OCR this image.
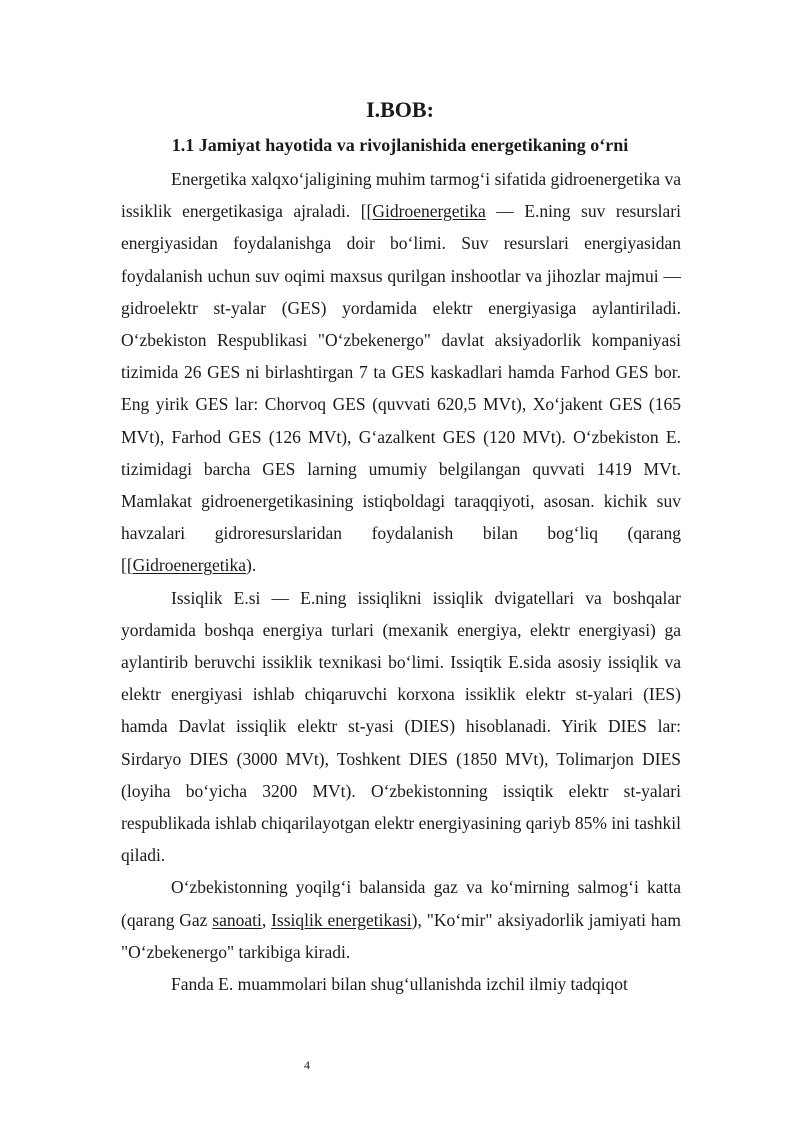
I.BOB:
1.1 Jamiyat hayotida va rivojlanishida energetikaning o‘rni

Energetika xalqxo‘jaligining muhim tarmog‘i sifatida gidroenergetika va issiklik energetikasiga ajraladi. [[Gidroenergetika — E.ning suv resurslari energiyasidan foydalanishga doir bo‘limi. Suv resurslari energiyasidan foydalanish uchun suv oqimi maxsus qurilgan inshootlar va jihozlar majmui — gidroelektr st-yalar (GES) yordamida elektr energiyasiga aylantiriladi. O‘zbekiston Respublikasi "O‘zbekenergo" davlat aksiyadorlik kompaniyasi tizimida 26 GES ni birlashtirgan 7 ta GES kaskadlari hamda Farhod GES bor. Eng yirik GES lar: Chorvoq GES (quvvati 620,5 MVt), Xo‘jakent GES (165 MVt), Farhod GES (126 MVt), G‘azalkent GES (120 MVt). O‘zbekiston E. tizimidagi barcha GES larning umumiy belgilangan quvvati 1419 MVt. Mamlakat gidroenergetikasining istiqboldagi taraqqiyoti, asosan. kichik suv havzalari gidroresurslaridan foydalanish bilan bog‘liq (qarang [[Gidroenergetika).

Issiqlik E.si — E.ning issiqlikni issiqlik dvigatellari va boshqalar yordamida boshqa energiya turlari (mexanik energiya, elektr energiyasi) ga aylantirib beruvchi issiklik texnikasi bo‘limi. Issiqtik E.sida asosiy issiqlik va elektr energiyasi ishlab chiqaruvchi korxona issiklik elektr st-yalari (IES) hamda Davlat issiqlik elektr st-yasi (DIES) hisoblanadi. Yirik DIES lar: Sirdaryo DIES (3000 MVt), Toshkent DIES (1850 MVt), Tolimarjon DIES (loyiha bo‘yicha 3200 MVt). O‘zbekistonning issiqtik elektr st-yalari respublikada ishlab chiqarilayotgan elektr energiyasining qariyb 85% ini tashkil qiladi.

O‘zbekistonning yoqilg‘i balansida gaz va ko‘mirning salmog‘i katta (qarang Gaz sanoati, Issiqlik energetikasi), "Ko‘mir" aksiyadorlik jamiyati ham "O‘zbekenergo" tarkibiga kiradi.

Fanda E. muammolari bilan shug‘ullanishda izchil ilmiy tadqiqot

4
